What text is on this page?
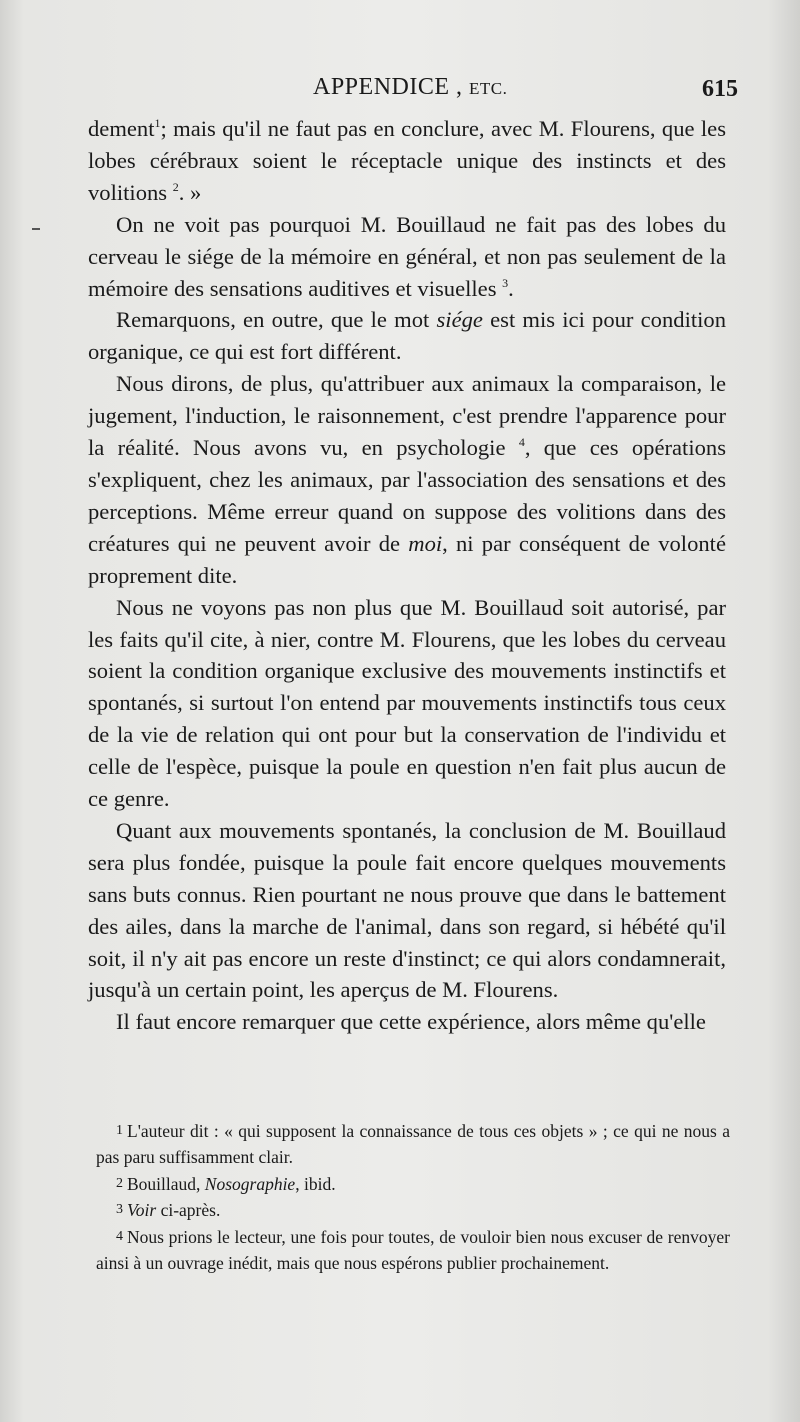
APPENDICE , ETC.	615

dement$^1$; mais qu'il ne faut pas en conclure, avec M. Flourens, que les lobes cérébraux soient le réceptacle unique des instincts et des volitions $^2$. »

On ne voit pas pourquoi M. Bouillaud ne fait pas des lobes du cerveau le siége de la mémoire en général, et non pas seulement de la mémoire des sensations auditives et visuelles $^3$.

Remarquons, en outre, que le mot siége est mis ici pour condition organique, ce qui est fort différent.

Nous dirons, de plus, qu'attribuer aux animaux la comparaison, le jugement, l'induction, le raisonnement, c'est prendre l'apparence pour la réalité. Nous avons vu, en psychologie $^4$, que ces opérations s'expliquent, chez les animaux, par l'association des sensations et des perceptions. Même erreur quand on suppose des volitions dans des créatures qui ne peuvent avoir de moi, ni par conséquent de volonté proprement dite.

Nous ne voyons pas non plus que M. Bouillaud soit autorisé, par les faits qu'il cite, à nier, contre M. Flourens, que les lobes du cerveau soient la condition organique exclusive des mouvements instinctifs et spontanés, si surtout l'on entend par mouvements instinctifs tous ceux de la vie de relation qui ont pour but la conservation de l'individu et celle de l'espèce, puisque la poule en question n'en fait plus aucun de ce genre.

Quant aux mouvements spontanés, la conclusion de M. Bouillaud sera plus fondée, puisque la poule fait encore quelques mouvements sans buts connus. Rien pourtant ne nous prouve que dans le battement des ailes, dans la marche de l'animal, dans son regard, si hébété qu'il soit, il n'y ait pas encore un reste d'instinct; ce qui alors condamnerait, jusqu'à un certain point, les aperçus de M. Flourens.

Il faut encore remarquer que cette expérience, alors même qu'elle

1 L'auteur dit : « qui supposent la connaissance de tous ces objets » ; ce qui ne nous a pas paru suffisamment clair.

2 Bouillaud, Nosographie, ibid.

3 Voir ci-après.

4 Nous prions le lecteur, une fois pour toutes, de vouloir bien nous excuser de renvoyer ainsi à un ouvrage inédit, mais que nous espérons publier prochainement.
